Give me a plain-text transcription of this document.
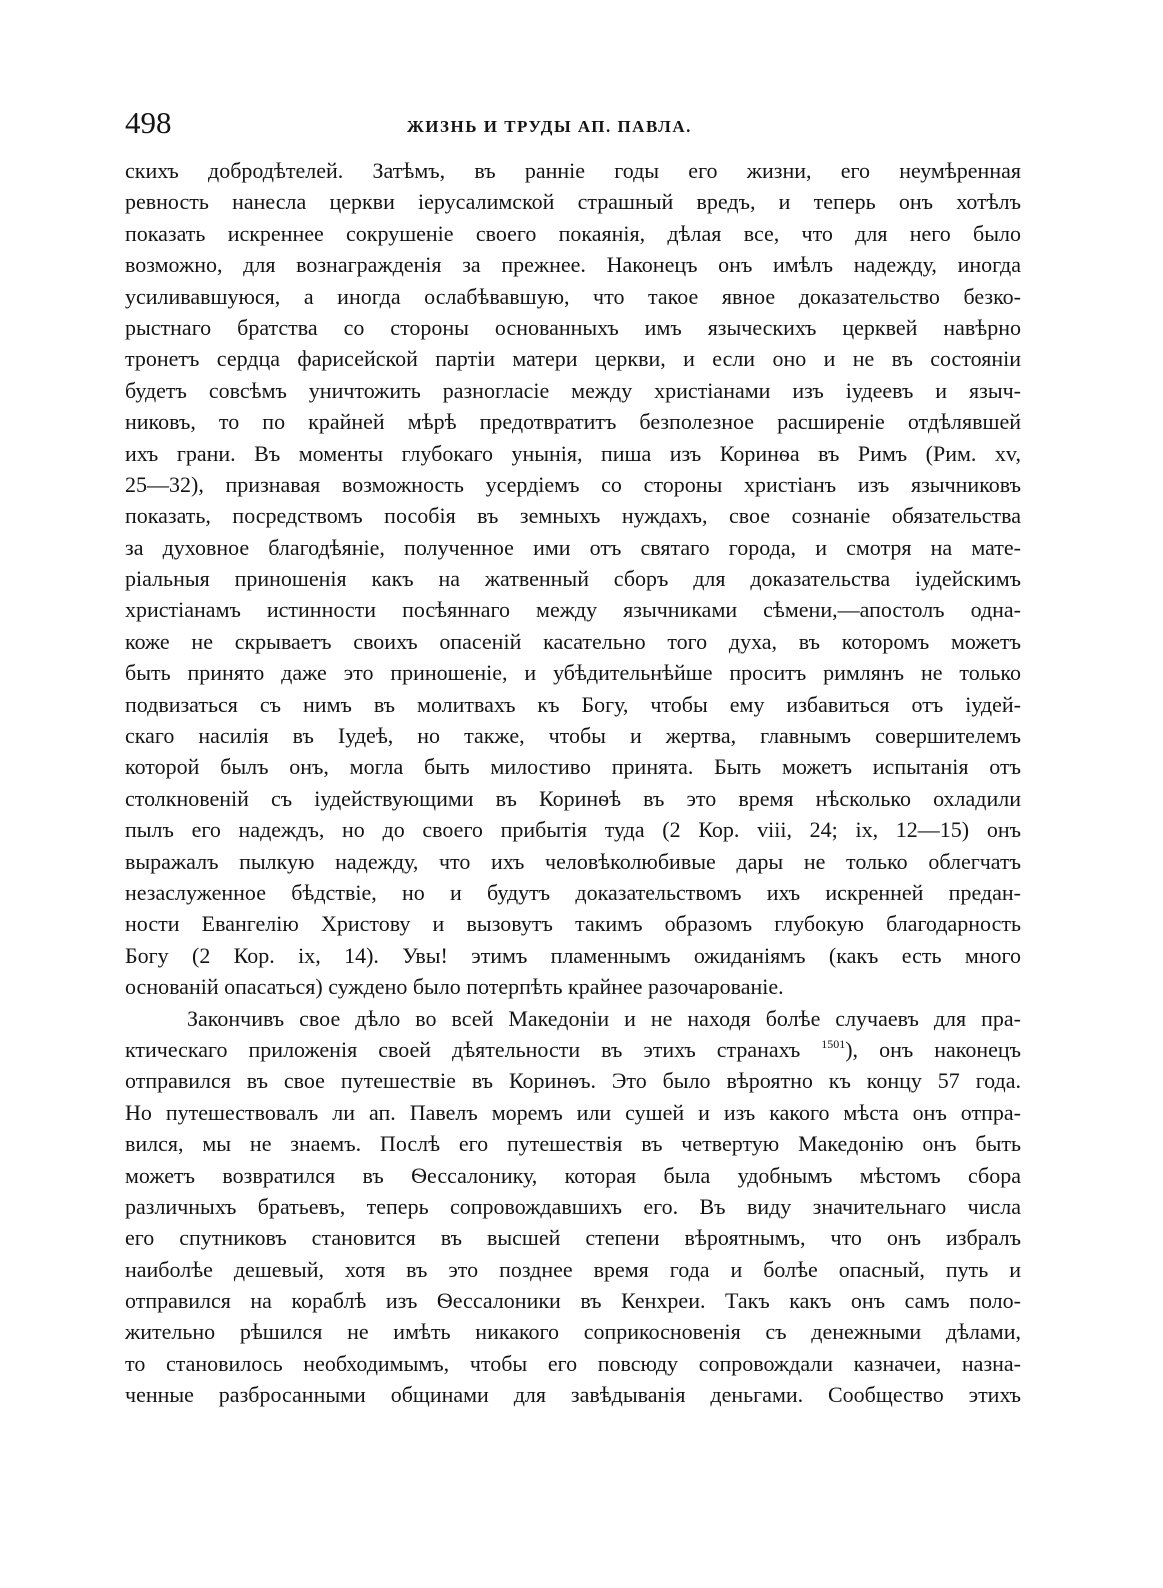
498	ЖИЗНЬ И ТРУДЫ АП. ПАВЛА.
скихъ добродѣтелей. Затѣмъ, въ раннiе годы его жизни, его неумѣренная
ревность нанесла церкви iерусалимской страшный вредъ, и теперь онъ хотѣлъ
показать искреннее сокрушенiе своего покаянiя, дѣлая все, что для него было
возможно, для вознагражденiя за прежнее. Наконецъ онъ имѣлъ надежду, иногда
усиливавшуюся, а иногда ослабѣвавшую, что такое явное доказательство безко-
рыстнаго братства со стороны основанныхъ имъ языческихъ церквей навѣрно
тронетъ сердца фарисейской партiи матери церкви, и если оно и не въ состоянiи
будетъ совсѣмъ уничтожить разногласiе между христiанами изъ iудеевъ и языч-
никовъ, то по крайней мѣрѣ предотвратитъ безполезное расширенiе отдѣлявшей
ихъ грани. Въ моменты глубокаго унынiя, пиша изъ Коринѳа въ Римъ (Рим. xv,
25—32), признавая возможность усердiемъ со стороны христiанъ изъ язычниковъ
показать, посредствомъ пособiя въ земныхъ нуждахъ, свое сознанiе обязательства
за духовное благодѣянiе, полученное ими отъ святаго города, и смотря на мате-
рiальныя приношенiя какъ на жатвенный сборъ для доказательства iудейскимъ
христiанамъ истинности посѣяннаго между язычниками сѣмени,—апостолъ одна-
коже не скрываетъ своихъ опасенiй касательно того духа, въ которомъ можетъ
быть принято даже это приношенiе, и убѣдительнѣйше проситъ римлянъ не только
подвизаться съ нимъ въ молитвахъ къ Богу, чтобы ему избавиться отъ iудей-
скаго насилiя въ Iудеѣ, но также, чтобы и жертва, главнымъ совершителемъ
которой былъ онъ, могла быть милостиво принята. Быть можетъ испытанiя отъ
столкновенiй съ iудействующими въ Коринѳѣ въ это время нѣсколько охладили
пылъ его надеждъ, но до своего прибытiя туда (2 Кор. viii, 24; ix, 12—15) онъ
выражалъ пылкую надежду, что ихъ человѣколюбивые дары не только облегчатъ
незаслуженное бѣдствiе, но и будутъ доказательствомъ ихъ искренней предан-
ности Евангелiю Христову и вызовутъ такимъ образомъ глубокую благодарность
Богу (2 Кор. ix, 14). Увы! этимъ пламеннымъ ожиданiямъ (какъ есть много
основанiй опасаться) суждено было потерпѣть крайнее разочарованiе.
Закончивъ свое дѣло во всей Македонiи и не находя болѣе случаевъ для пра-
ктическаго приложенiя своей дѣятельности въ этихъ странахъ $^{1501}$), онъ наконецъ
отправился въ свое путешествiе въ Коринѳъ. Это было вѣроятно къ концу 57 года.
Но путешествовалъ ли ап. Павелъ моремъ или сушей и изъ какого мѣста онъ отпра-
вился, мы не знаемъ. Послѣ его путешествiя въ четвертую Македонiю онъ быть
можетъ возвратился въ Ѳессалонику, которая была удобнымъ мѣстомъ сбора
различныхъ братьевъ, теперь сопровождавшихъ его. Въ виду значительнаго числа
его спутниковъ становится въ высшей степени вѣроятнымъ, что онъ избралъ
наиболѣе дешевый, хотя въ это позднее время года и болѣе опасный, путь и
отправился на кораблѣ изъ Ѳессалоники въ Кенхреи. Такъ какъ онъ самъ поло-
жительно рѣшился не имѣть никакого соприкосновенiя съ денежными дѣлами,
то становилось необходимымъ, чтобы его повсюду сопровождали казначеи, назна-
ченные разбросанными общинами для завѣдыванiя деньгами. Сообщество этихъ
